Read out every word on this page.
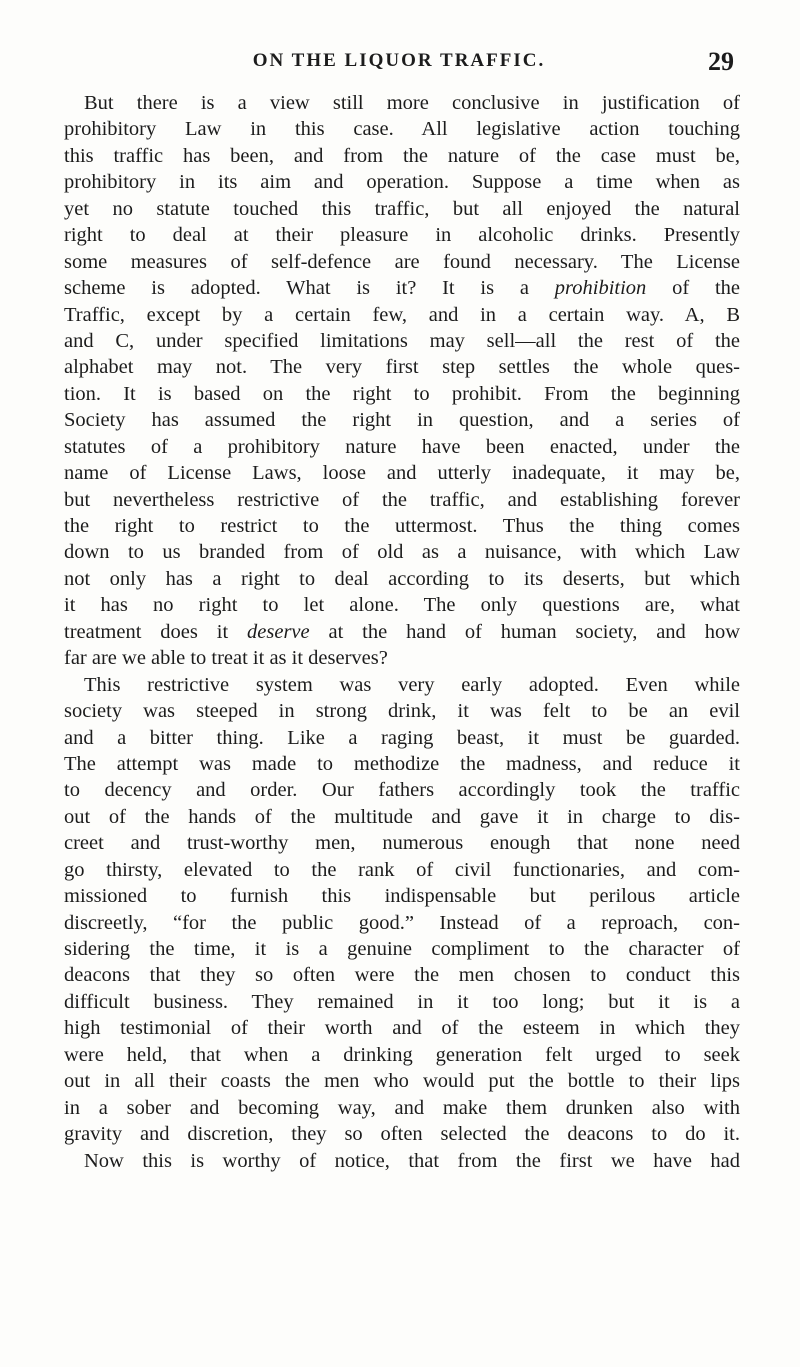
ON THE LIQUOR TRAFFIC.	29
But there is a view still more conclusive in justification of
prohibitory Law in this case. All legislative action touching
this traffic has been, and from the nature of the case must be,
prohibitory in its aim and operation. Suppose a time when as
yet no statute touched this traffic, but all enjoyed the natural
right to deal at their pleasure in alcoholic drinks. Presently
some measures of self-defence are found necessary. The License
scheme is adopted. What is it? It is a prohibition of the
Traffic, except by a certain few, and in a certain way. A, B
and C, under specified limitations may sell—all the rest of the
alphabet may not. The very first step settles the whole ques-
tion. It is based on the right to prohibit. From the beginning
Society has assumed the right in question, and a series of
statutes of a prohibitory nature have been enacted, under the
name of License Laws, loose and utterly inadequate, it may be,
but nevertheless restrictive of the traffic, and establishing forever
the right to restrict to the uttermost. Thus the thing comes
down to us branded from of old as a nuisance, with which Law
not only has a right to deal according to its deserts, but which
it has no right to let alone. The only questions are, what
treatment does it deserve at the hand of human society, and how
far are we able to treat it as it deserves?
This restrictive system was very early adopted. Even while
society was steeped in strong drink, it was felt to be an evil
and a bitter thing. Like a raging beast, it must be guarded.
The attempt was made to methodize the madness, and reduce it
to decency and order. Our fathers accordingly took the traffic
out of the hands of the multitude and gave it in charge to dis-
creet and trust-worthy men, numerous enough that none need
go thirsty, elevated to the rank of civil functionaries, and com-
missioned to furnish this indispensable but perilous article
discreetly, “for the public good.” Instead of a reproach, con-
sidering the time, it is a genuine compliment to the character of
deacons that they so often were the men chosen to conduct this
difficult business. They remained in it too long; but it is a
high testimonial of their worth and of the esteem in which they
were held, that when a drinking generation felt urged to seek
out in all their coasts the men who would put the bottle to their lips
in a sober and becoming way, and make them drunken also with
gravity and discretion, they so often selected the deacons to do it.
Now this is worthy of notice, that from the first we have had
